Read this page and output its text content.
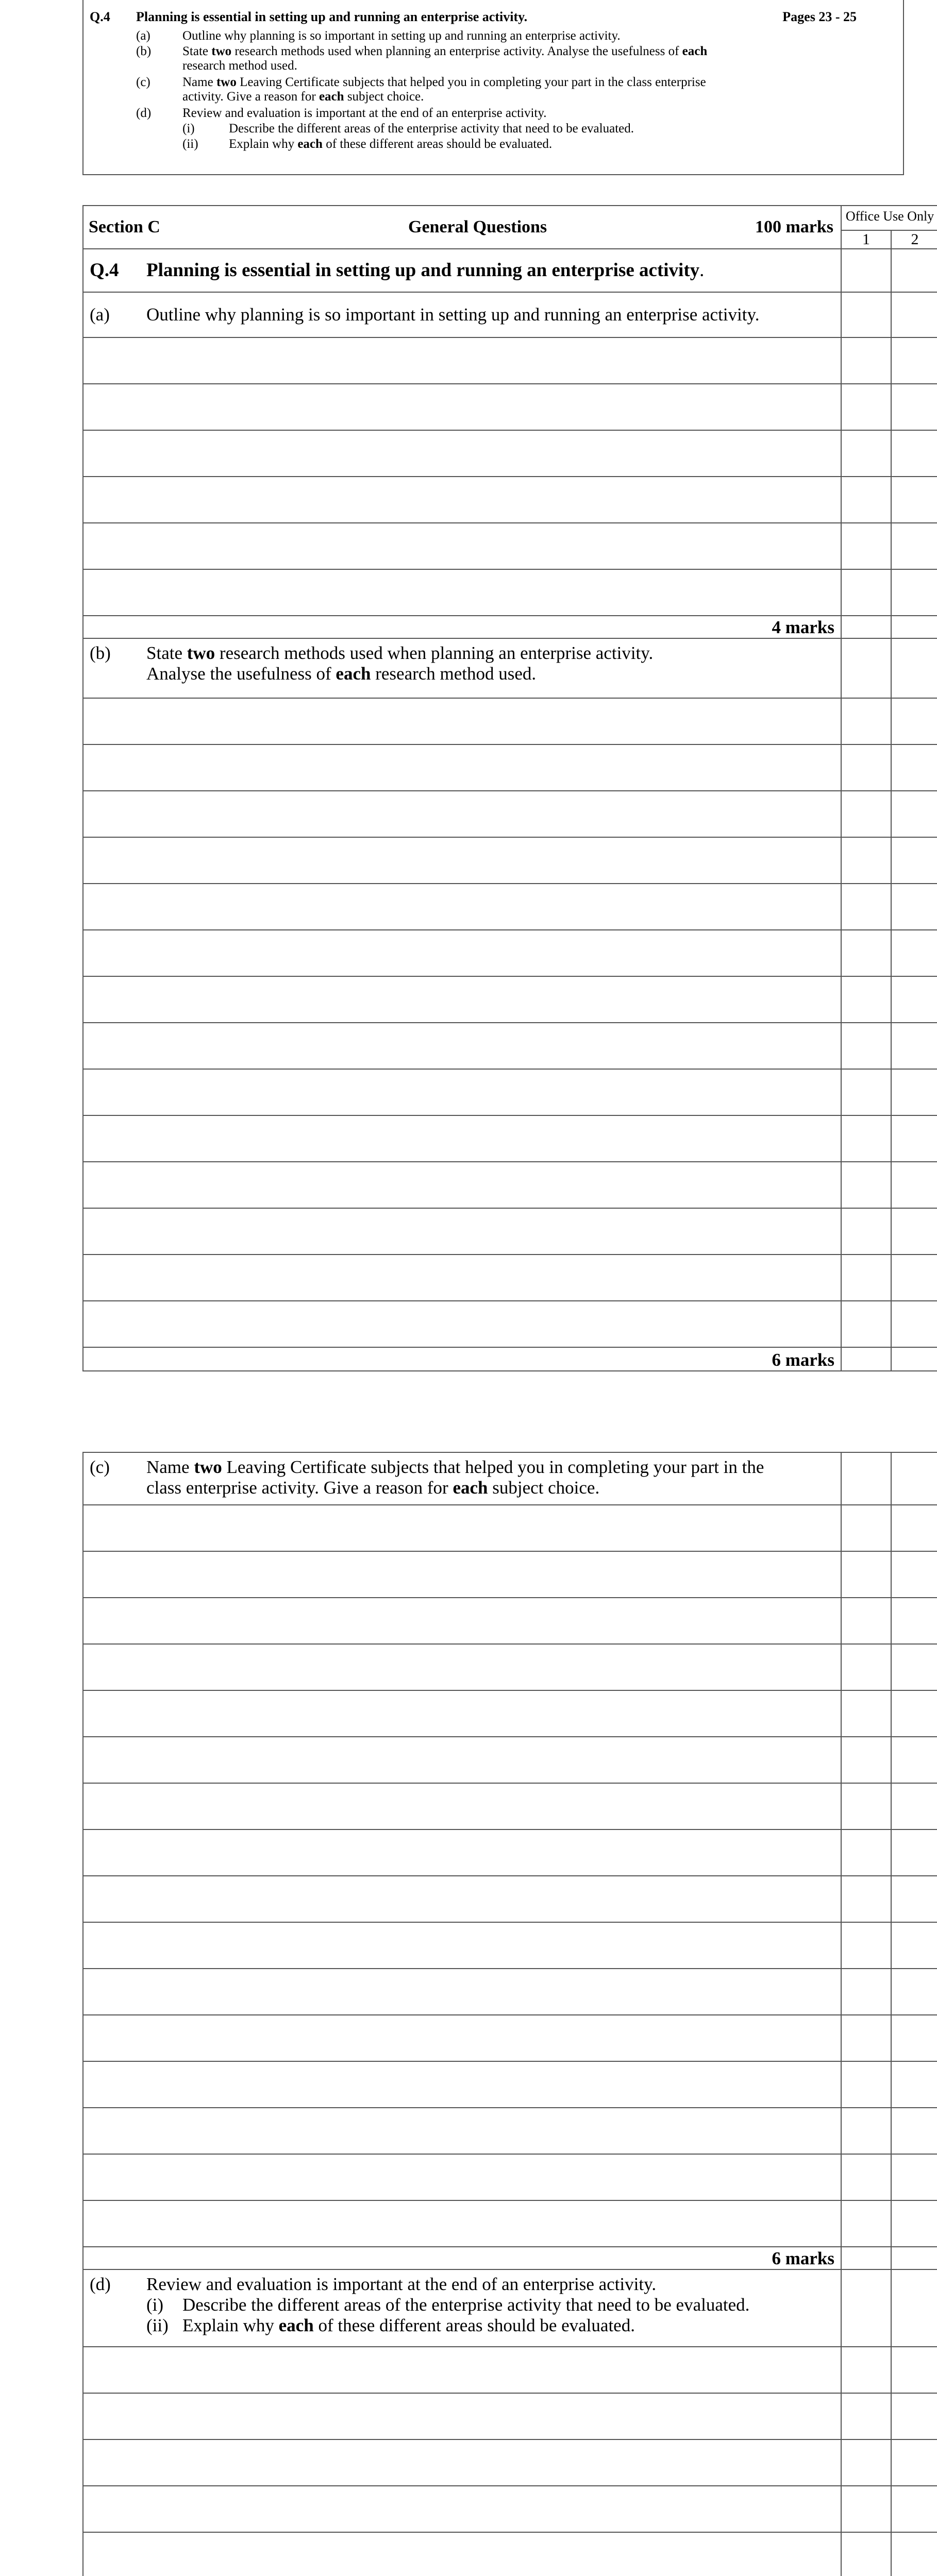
Q.4 Planning is essential in setting up and running an enterprise activity.	Pages 23 - 25
(a) Outline why planning is so important in setting up and running an enterprise activity.
(b) State two research methods used when planning an enterprise activity. Analyse the usefulness of each
research method used.
(c) Name two Leaving Certificate subjects that helped you in completing your part in the class enterprise
activity. Give a reason for each subject choice.
(d) Review and evaluation is important at the end of an enterprise activity.
(i)	Describe the different areas of the enterprise activity that need to be evaluated.
(ii) Explain why each of these different areas should be evaluated.
Section C General Questions 100 marks	Office Use Only	
	1	2
Q.4 Planning is essential in setting up and running an enterprise activity.		
(a) Outline why planning is so important in setting up and running an enterprise activity.		

4 marks		
(b) State two research methods used when planning an enterprise activity.
Analyse the usefulness of each research method used.		

6 marks		
(c) Name two Leaving Certificate subjects that helped you in completing your part in the
class enterprise activity. Give a reason for each subject choice.		

6 marks		
(d) Review and evaluation is important at the end of an enterprise activity.
(i) Describe the different areas of the enterprise activity that need to be evaluated.
(ii) Explain why each of these different areas should be evaluated.		
